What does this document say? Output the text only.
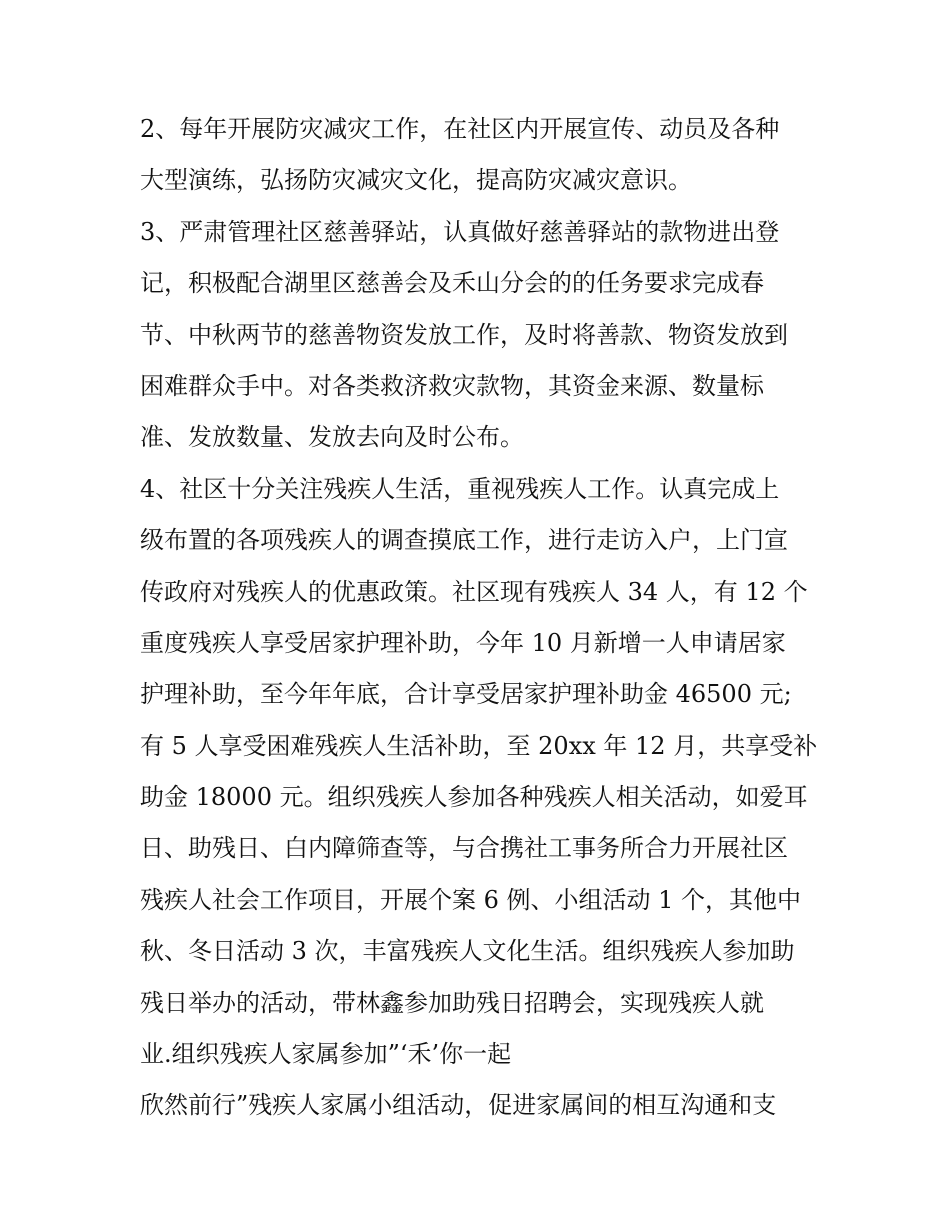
2、每年开展防灾减灾工作，在社区内开展宣传、动员及各种
大型演练，弘扬防灾减灾文化，提高防灾减灾意识。
3、严肃管理社区慈善驿站，认真做好慈善驿站的款物进出登
记，积极配合湖里区慈善会及禾山分会的的任务要求完成春
节、中秋两节的慈善物资发放工作，及时将善款、物资发放到
困难群众手中。对各类救济救灾款物，其资金来源、数量标
准、发放数量、发放去向及时公布。
4、社区十分关注残疾人生活，重视残疾人工作。认真完成上
级布置的各项残疾人的调查摸底工作，进行走访入户，上门宣
传政府对残疾人的优惠政策。社区现有残疾人 34 人，有 12 个
重度残疾人享受居家护理补助，今年 10 月新增一人申请居家
护理补助，至今年年底，合计享受居家护理补助金 46500 元;
有 5 人享受困难残疾人生活补助，至 20xx 年 12 月，共享受补
助金 18000 元。组织残疾人参加各种残疾人相关活动，如爱耳
日、助残日、白内障筛查等，与合携社工事务所合力开展社区
残疾人社会工作项目，开展个案 6 例、小组活动 1 个，其他中
秋、冬日活动 3 次，丰富残疾人文化生活。组织残疾人参加助
残日举办的活动，带林鑫参加助残日招聘会，实现残疾人就
业.组织残疾人家属参加”‘禾’你一起
欣然前行”残疾人家属小组活动，促进家属间的相互沟通和支
